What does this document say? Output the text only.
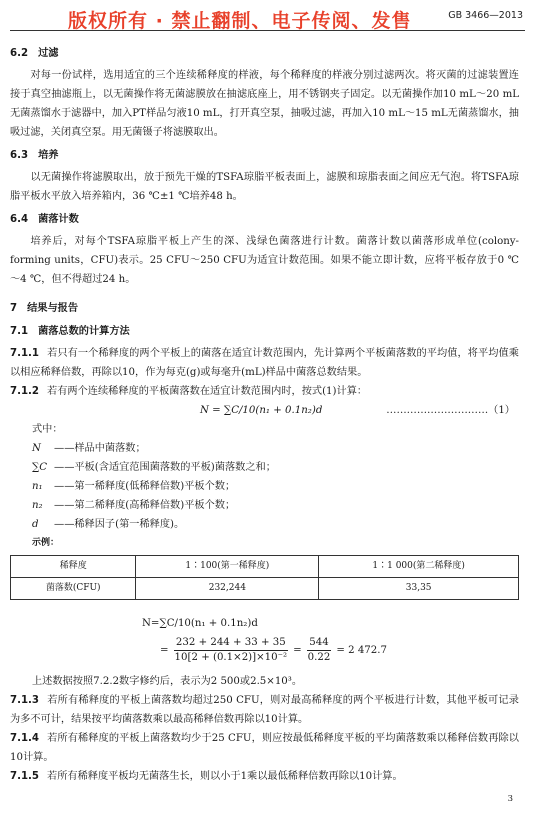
版权所有 · 禁止翻制、电子传阅、发售	GB 3466—2013
6.2 过滤

对每一份试样，选用适宜的三个连续稀释度的样液，每个稀释度的样液分别过滤两次。将灭菌的过滤装置连接于真空抽滤瓶上，以无菌操作将无菌滤膜放在抽滤底座上，用不锈钢夹子固定。以无菌操作加10 mL～20 mL无菌蒸馏水于滤器中，加入PT样品匀液10 mL，打开真空泵，抽吸过滤，再加入10 mL～15 mL无菌蒸馏水，抽吸过滤，关闭真空泵。用无菌镊子将滤膜取出。

6.3 培养

以无菌操作将滤膜取出，放于预先干燥的TSFA琼脂平板表面上，滤膜和琼脂表面之间应无气泡。将TSFA琼脂平板水平放入培养箱内，36 ℃±1 ℃培养48 h。

6.4 菌落计数

培养后，对每个TSFA琼脂平板上产生的深、浅绿色菌落进行计数。菌落计数以菌落形成单位(colony-forming units，CFU)表示。25 CFU～250 CFU为适宜计数范围。如果不能立即计数，应将平板存放于0 ℃～4 ℃，但不得超过24 h。

7 结果与报告
7.1 菌落总数的计算方法

7.1.1 若只有一个稀释度的两个平板上的菌落在适宜计数范围内，先计算两个平板菌落数的平均值，将平均值乘以相应稀释倍数，再除以10，作为每克(g)或每毫升(mL)样品中菌落总数结果。

7.1.2 若有两个连续稀释度的平板菌落数在适宜计数范围内时，按式(1)计算：

N = ∑C/10(n₁ + 0.1n₂)d	…………………………（1）

式中：

N ——样品中菌落数；

∑C ——平板(含适宜范围菌落数的平板)菌落数之和；

n₁ ——第一稀释度(低稀释倍数)平板个数；

n₂ ——第二稀释度(高稀释倍数)平板个数；

d ——稀释因子(第一稀释度)。

示例：
稀释度	1∶100(第一稀释度)	1∶1 000(第二稀释度)
菌落数(CFU)	232,244	33,35
N=∑C/10(n₁ + 0.1n₂)d
= $\frac{232 + 244 + 33 + 35}{\text{10[2 + (0.1×2)]×10⁻²}} = \frac{544}{0.22} = 2$ 472.7

上述数据按照7.2.2数字修约后，表示为2 500或2.5×10³。

7.1.3 若所有稀释度的平板上菌落数均超过250 CFU，则对最高稀释度的两个平板进行计数，其他平板可记录为多不可计，结果按平均菌落数乘以最高稀释倍数再除以10计算。

7.1.4 若所有稀释度的平板上菌落数均少于25 CFU，则应按最低稀释度平板的平均菌落数乘以稀释倍数再除以10计算。

7.1.5 若所有稀释度平板均无菌落生长，则以小于1乘以最低稀释倍数再除以10计算。

3
